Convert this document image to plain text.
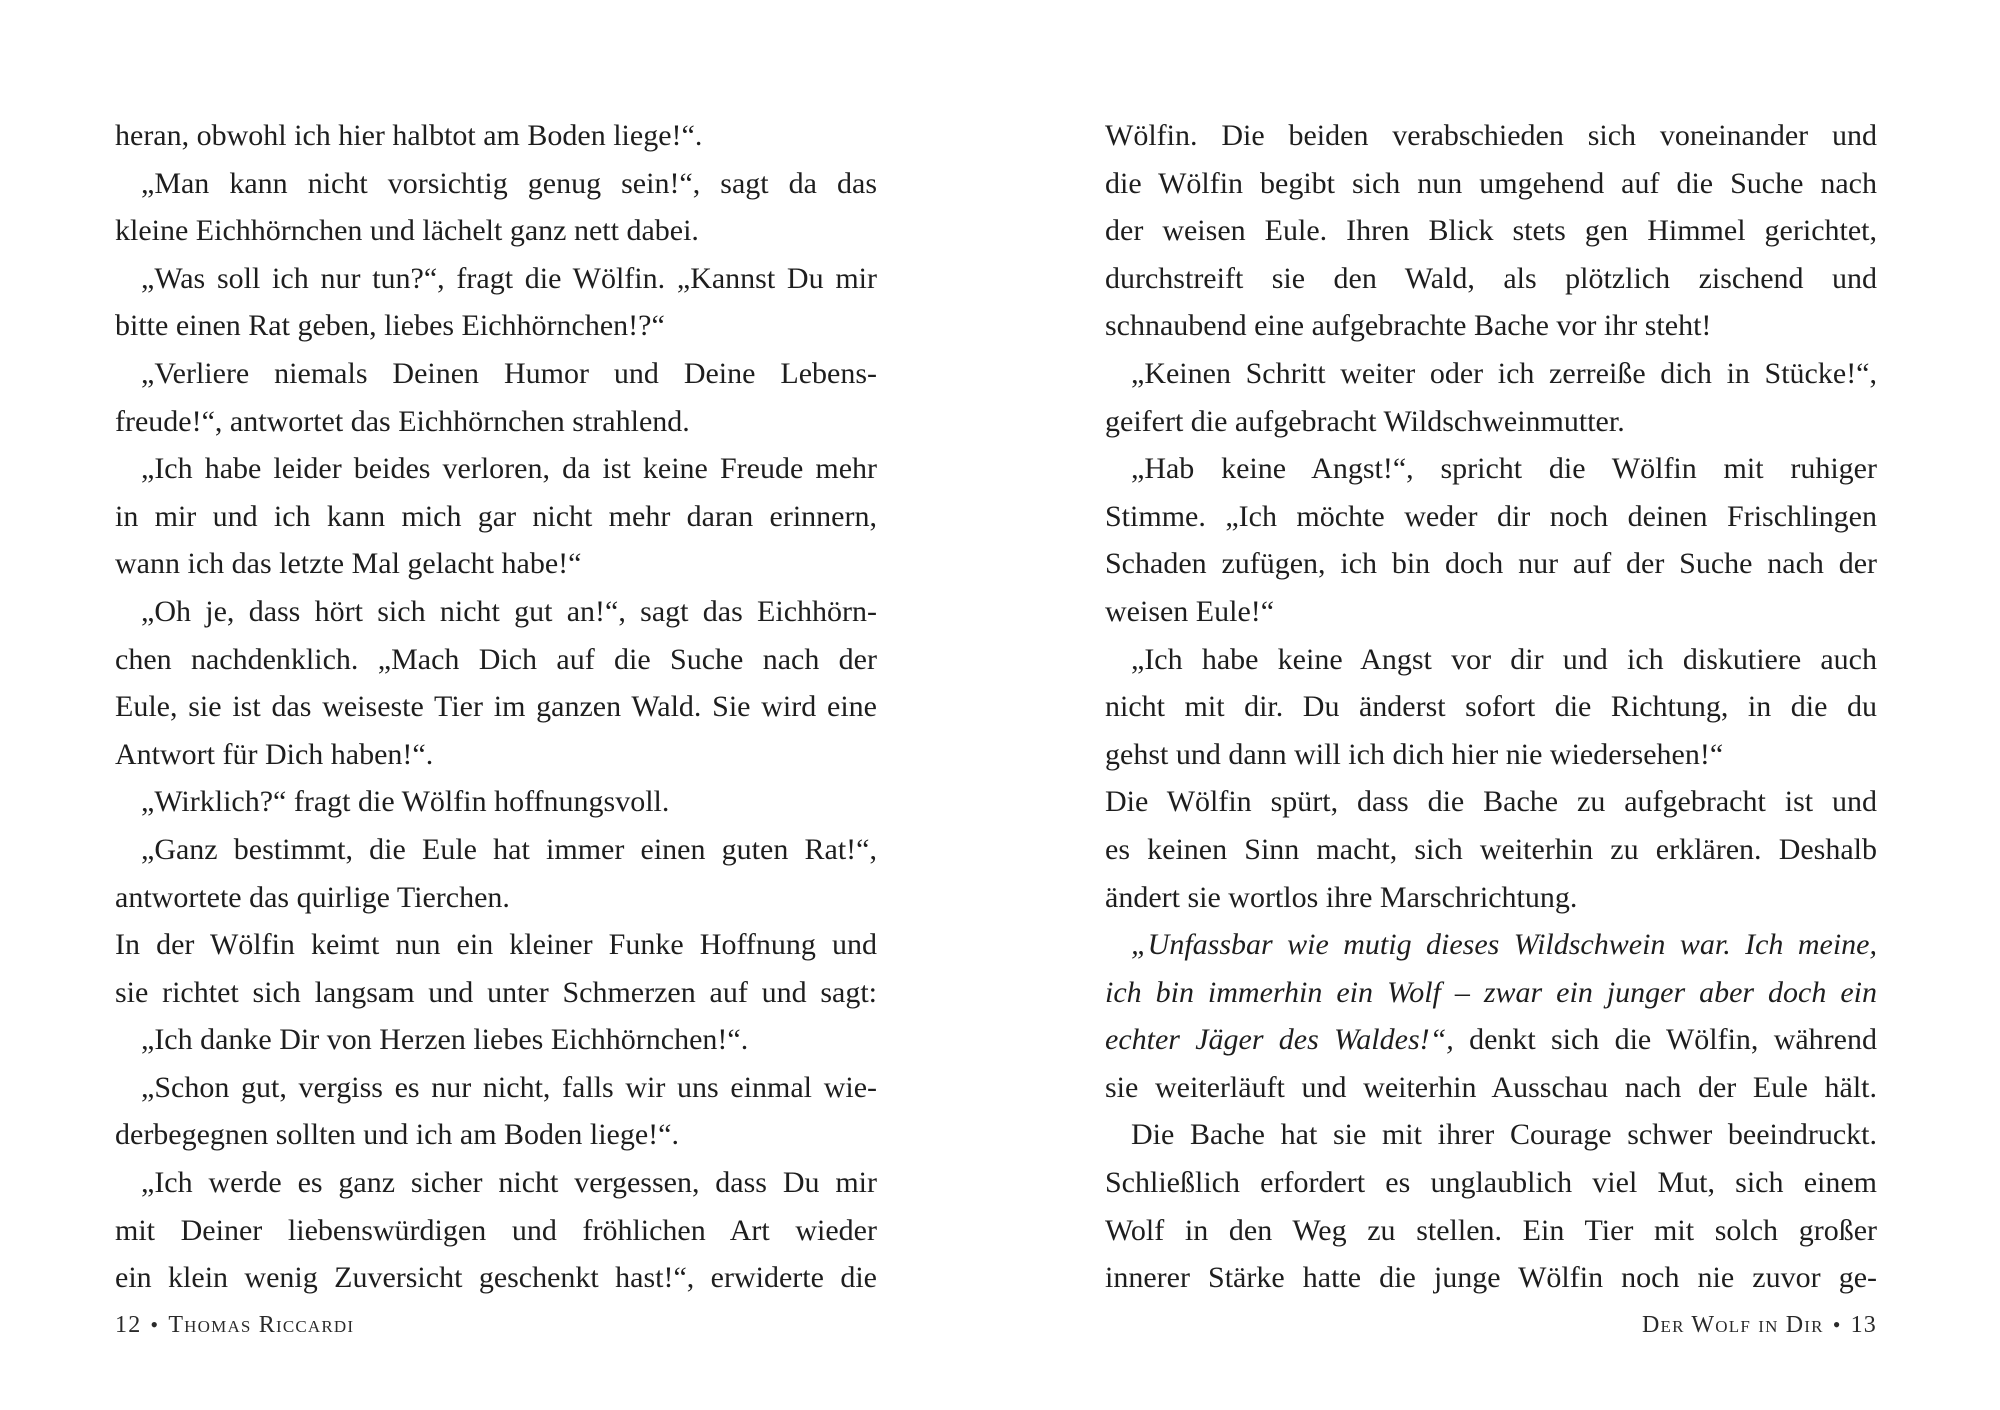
heran, obwohl ich hier halbtot am Boden liege!“.
„Man kann nicht vorsichtig genug sein!“, sagt da das
kleine Eichhörnchen und lächelt ganz nett dabei.
„Was soll ich nur tun?“, fragt die Wölfin. „Kannst Du mir
bitte einen Rat geben, liebes Eichhörnchen!?“
„Verliere niemals Deinen Humor und Deine Lebens-
freude!“, antwortet das Eichhörnchen strahlend.
„Ich habe leider beides verloren, da ist keine Freude mehr
in mir und ich kann mich gar nicht mehr daran erinnern,
wann ich das letzte Mal gelacht habe!“
„Oh je, dass hört sich nicht gut an!“, sagt das Eichhörn-
chen nachdenklich. „Mach Dich auf die Suche nach der
Eule, sie ist das weiseste Tier im ganzen Wald. Sie wird eine
Antwort für Dich haben!“.
„Wirklich?“ fragt die Wölfin hoffnungsvoll.
„Ganz bestimmt, die Eule hat immer einen guten Rat!“,
antwortete das quirlige Tierchen.
In der Wölfin keimt nun ein kleiner Funke Hoffnung und
sie richtet sich langsam und unter Schmerzen auf und sagt:
„Ich danke Dir von Herzen liebes Eichhörnchen!“.
„Schon gut, vergiss es nur nicht, falls wir uns einmal wie-
derbegegnen sollten und ich am Boden liege!“.
„Ich werde es ganz sicher nicht vergessen, dass Du mir
mit Deiner liebenswürdigen und fröhlichen Art wieder
ein klein wenig Zuversicht geschenkt hast!“, erwiderte die
Wölfin. Die beiden verabschieden sich voneinander und
die Wölfin begibt sich nun umgehend auf die Suche nach
der weisen Eule. Ihren Blick stets gen Himmel gerichtet,
durchstreift sie den Wald, als plötzlich zischend und
schnaubend eine aufgebrachte Bache vor ihr steht!
„Keinen Schritt weiter oder ich zerreiße dich in Stücke!“,
geifert die aufgebracht Wildschweinmutter.
„Hab keine Angst!“, spricht die Wölfin mit ruhiger
Stimme. „Ich möchte weder dir noch deinen Frischlingen
Schaden zufügen, ich bin doch nur auf der Suche nach der
weisen Eule!“
„Ich habe keine Angst vor dir und ich diskutiere auch
nicht mit dir. Du änderst sofort die Richtung, in die du
gehst und dann will ich dich hier nie wiedersehen!“
Die Wölfin spürt, dass die Bache zu aufgebracht ist und
es keinen Sinn macht, sich weiterhin zu erklären. Deshalb
ändert sie wortlos ihre Marschrichtung.
„Unfassbar wie mutig dieses Wildschwein war. Ich meine,
ich bin immerhin ein Wolf – zwar ein junger aber doch ein
echter Jäger des Waldes!“, denkt sich die Wölfin, während
sie weiterläuft und weiterhin Ausschau nach der Eule hält.
Die Bache hat sie mit ihrer Courage schwer beeindruckt.
Schließlich erfordert es unglaublich viel Mut, sich einem
Wolf in den Weg zu stellen. Ein Tier mit solch großer
innerer Stärke hatte die junge Wölfin noch nie zuvor ge-
12 • Thomas Riccardi	Der Wolf in Dir • 13
